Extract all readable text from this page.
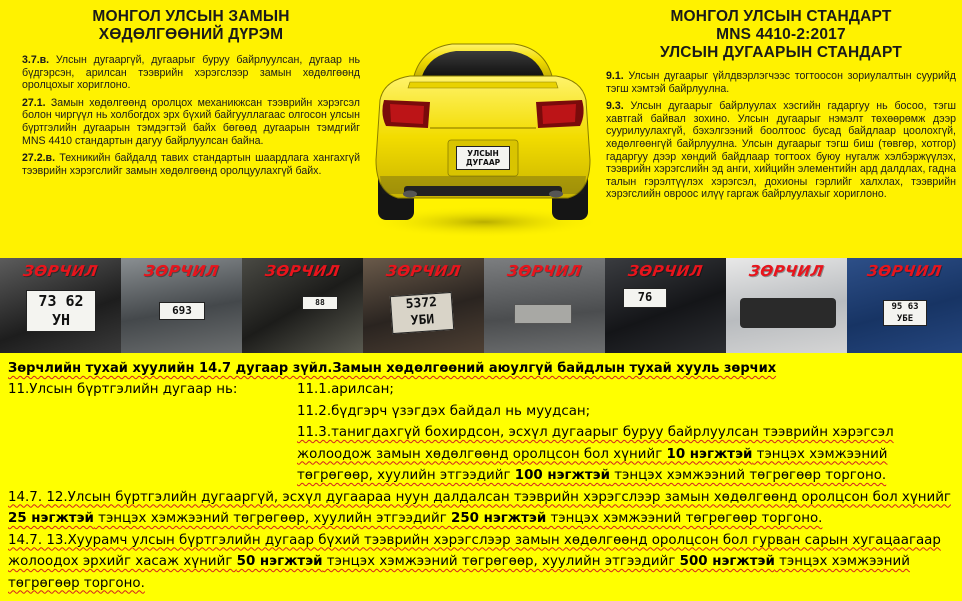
МОНГОЛ УЛСЫН ЗАМЫН
ХӨДӨЛГӨӨНИЙ ДҮРЭМ
3.7.в. Улсын дугааргүй, дугаарыг буруу байрлуулсан, дугаар нь бүдгэрсэн, арилсан тээврийн хэрэгслээр замын хөдөлгөөнд оролцохыг хориглоно.
27.1. Замын хөдөлгөөнд оролцох механикжсан тээврийн хэрэгсэл болон чиргүүл нь холбогдох эрх бүхий байгууллагаас олгосон улсын бүртгэлийн дугаарын тэмдэгтэй байх бөгөөд дугаарын тэмдгийг MNS 4410 стандартын дагуу байрлуулсан байна.
27.2.в. Техникийн байдалд тавих стандартын шаардлага хангахгүй тээврийн хэрэгслийг замын хөдөлгөөнд оролцуулахгүй байх.
УЛСЫН
ДУГААР
МОНГОЛ УЛСЫН СТАНДАРТ
MNS 4410-2:2017
УЛСЫН ДУГААРЫН СТАНДАРТ
9.1. Улсын дугаарыг үйлдвэрлэгчээс тогтоосон зориулалтын суурийд тэгш хэмтэй байрлуулна.
9.3. Улсын дугаарыг байрлуулах хэсгийн гадаргуу нь босоо, тэгш хавтгай байвал зохино. Улсын дугаарыг нэмэлт төхөөрөмж дээр суурилуулахгүй, бэхэлгээний боолтоос бусад байдлаар цоолохгүй, хөдөлгөөнгүй байрлуулна. Улсын дугаарыг тэгш биш (төвгөр, хотгор) гадаргуу дээр хөндий байдлаар тогтоох буюу нугалж хэлбэржүүлэх, тээврийн хэрэгслийн эд анги, хийцийн элементийн ард далдлах, гадна талын гэрэлтүүлэх хэрэгсэл, дохионы гэрлийг халхлах, тээврийн хэрэгслийн овроос илүү гаргаж байрлуулахыг хориглоно.
ЗӨРЧИЛ
73 62
УН
ЗӨРЧИЛ
693
ЗӨРЧИЛ
88
ЗӨРЧИЛ
5372
УБИ
ЗӨРЧИЛ	ЗӨРЧИЛ
76
ЗӨРЧИЛ	ЗӨРЧИЛ
95 63
УБЕ
Зөрчлийн тухай хуулийн 14.7 дугаар зүйл.Замын хөдөлгөөний аюулгүй байдлын тухай хууль зөрчих
11.Улсын бүртгэлийн дугаар нь:	11.1.арилсан;

11.2.бүдгэрч үзэгдэх байдал нь муудсан;

11.3.танигдахгүй бохирдсон, эсхүл дугаарыг буруу байрлуулсан тээврийн хэрэгсэл жолоодож замын хөдөлгөөнд оролцсон бол хүнийг 10 нэгжтэй тэнцэх хэмжээний төгрөгөөр, хуулийн этгээдийг 100 нэгжтэй тэнцэх хэмжээний төгрөгөөр торгоно.

14.7. 12.Улсын бүртгэлийн дугааргүй, эсхүл дугаараа нуун далдалсан тээврийн хэрэгслээр замын хөдөлгөөнд оролцсон бол хүнийг 25 нэгжтэй тэнцэх хэмжээний төгрөгөөр, хуулийн этгээдийг 250 нэгжтэй тэнцэх хэмжээний төгрөгөөр торгоно.

14.7. 13.Хуурамч улсын бүртгэлийн дугаар бүхий тээврийн хэрэгслээр замын хөдөлгөөнд оролцсон бол гурван сарын хугацаагаар жолоодох эрхийг хасаж хүнийг 50 нэгжтэй тэнцэх хэмжээний төгрөгөөр, хуулийн этгээдийг 500 нэгжтэй тэнцэх хэмжээний төгрөгөөр торгоно.
